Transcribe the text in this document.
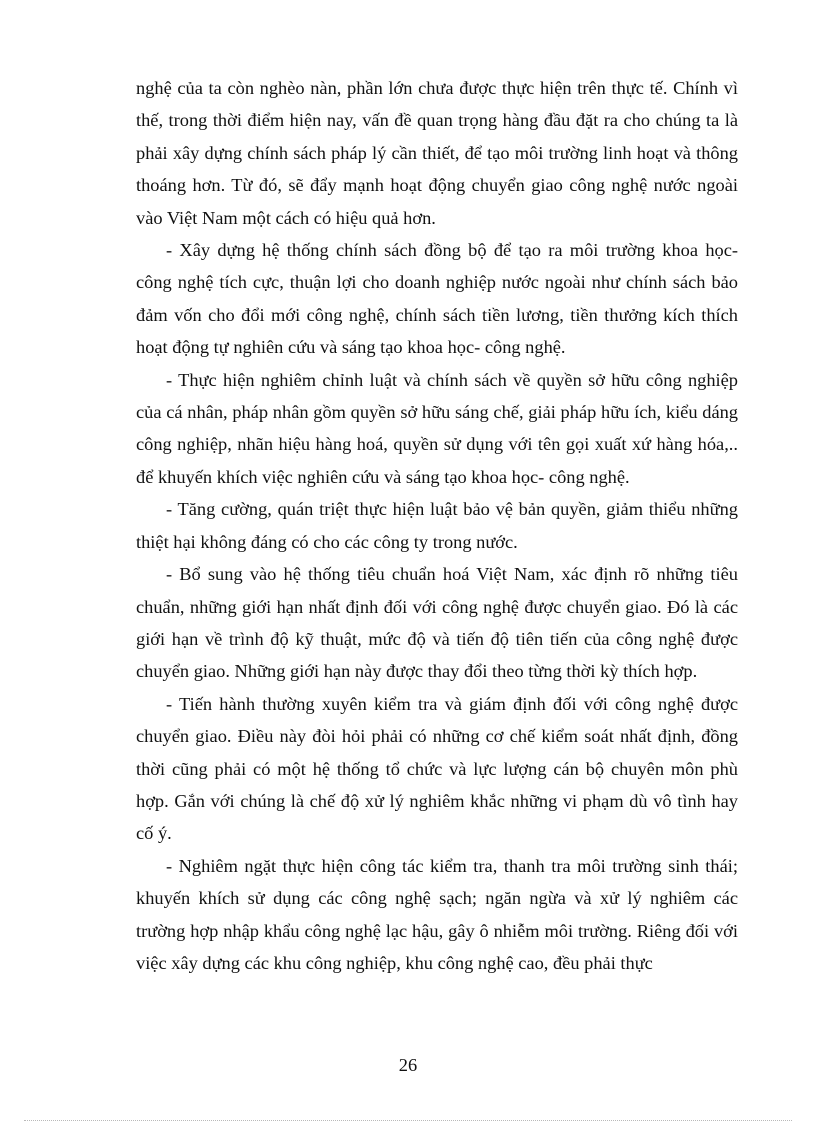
nghệ của ta còn nghèo nàn, phần lớn chưa được thực hiện trên thực tế. Chính vì thế, trong thời điểm hiện nay, vấn đề quan trọng hàng đầu đặt ra cho chúng ta là phải xây dựng chính sách pháp lý cần thiết, để tạo môi trường linh hoạt và thông thoáng hơn. Từ đó, sẽ đẩy mạnh hoạt động chuyển giao công nghệ nước ngoài vào Việt Nam một cách có hiệu quả hơn.

- Xây dựng hệ thống chính sách đồng bộ để tạo ra môi trường khoa học- công nghệ tích cực, thuận lợi cho doanh nghiệp nước ngoài như chính sách bảo đảm vốn cho đổi mới công nghệ, chính sách tiền lương, tiền thưởng kích thích hoạt động tự nghiên cứu và sáng tạo khoa học- công nghệ.

- Thực hiện nghiêm chỉnh luật và chính sách về quyền sở hữu công nghiệp của cá nhân, pháp nhân gồm quyền sở hữu sáng chế, giải pháp hữu ích, kiểu dáng công nghiệp, nhãn hiệu hàng hoá, quyền sử dụng với tên gọi xuất xứ hàng hóa,.. để khuyến khích việc nghiên cứu và sáng tạo khoa học- công nghệ.

- Tăng cường, quán triệt thực hiện luật bảo vệ bản quyền, giảm thiểu những thiệt hại không đáng có cho các công ty trong nước.

- Bổ sung vào hệ thống tiêu chuẩn hoá Việt Nam, xác định rõ những tiêu chuẩn, những giới hạn nhất định đối với công nghệ được chuyển giao. Đó là các giới hạn về trình độ kỹ thuật, mức độ và tiến độ tiên tiến của công nghệ được chuyển giao. Những giới hạn này được thay đổi theo từng thời kỳ thích hợp.

- Tiến hành thường xuyên kiểm tra và giám định đối với công nghệ được chuyển giao. Điều này đòi hỏi phải có những cơ chế kiểm soát nhất định, đồng thời cũng phải có một hệ thống tổ chức và lực lượng cán bộ chuyên môn phù hợp. Gắn với chúng là chế độ xử lý nghiêm khắc những vi phạm dù vô tình hay cố ý.

- Nghiêm ngặt thực hiện công tác kiểm tra, thanh tra môi trường sinh thái; khuyến khích sử dụng các công nghệ sạch; ngăn ngừa và xử lý nghiêm các trường hợp nhập khẩu công nghệ lạc hậu, gây ô nhiễm môi trường. Riêng đối với việc xây dựng các khu công nghiệp, khu công nghệ cao, đều phải thực

26
